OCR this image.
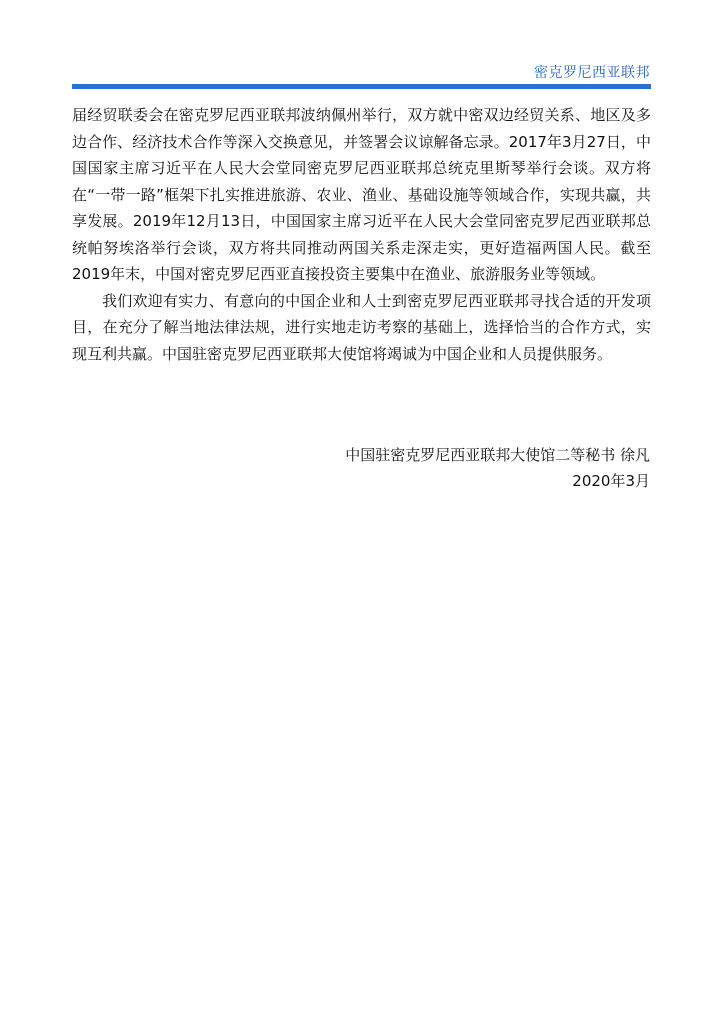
密克罗尼西亚联邦

届经贸联委会在密克罗尼西亚联邦波纳佩州举行，双方就中密双边经贸关系、地区及多边合作、经济技术合作等深入交换意见，并签署会议谅解备忘录。2017年3月27日，中国国家主席习近平在人民大会堂同密克罗尼西亚联邦总统克里斯琴举行会谈。双方将在“一带一路”框架下扎实推进旅游、农业、渔业、基础设施等领域合作，实现共赢，共享发展。2019年12月13日，中国国家主席习近平在人民大会堂同密克罗尼西亚联邦总统帕努埃洛举行会谈，双方将共同推动两国关系走深走实，更好造福两国人民。截至2019年末，中国对密克罗尼西亚直接投资主要集中在渔业、旅游服务业等领域。

我们欢迎有实力、有意向的中国企业和人士到密克罗尼西亚联邦寻找合适的开发项目，在充分了解当地法律法规，进行实地走访考察的基础上，选择恰当的合作方式，实现互利共赢。中国驻密克罗尼西亚联邦大使馆将竭诚为中国企业和人员提供服务。

中国驻密克罗尼西亚联邦大使馆二等秘书 徐凡
2020年3月
